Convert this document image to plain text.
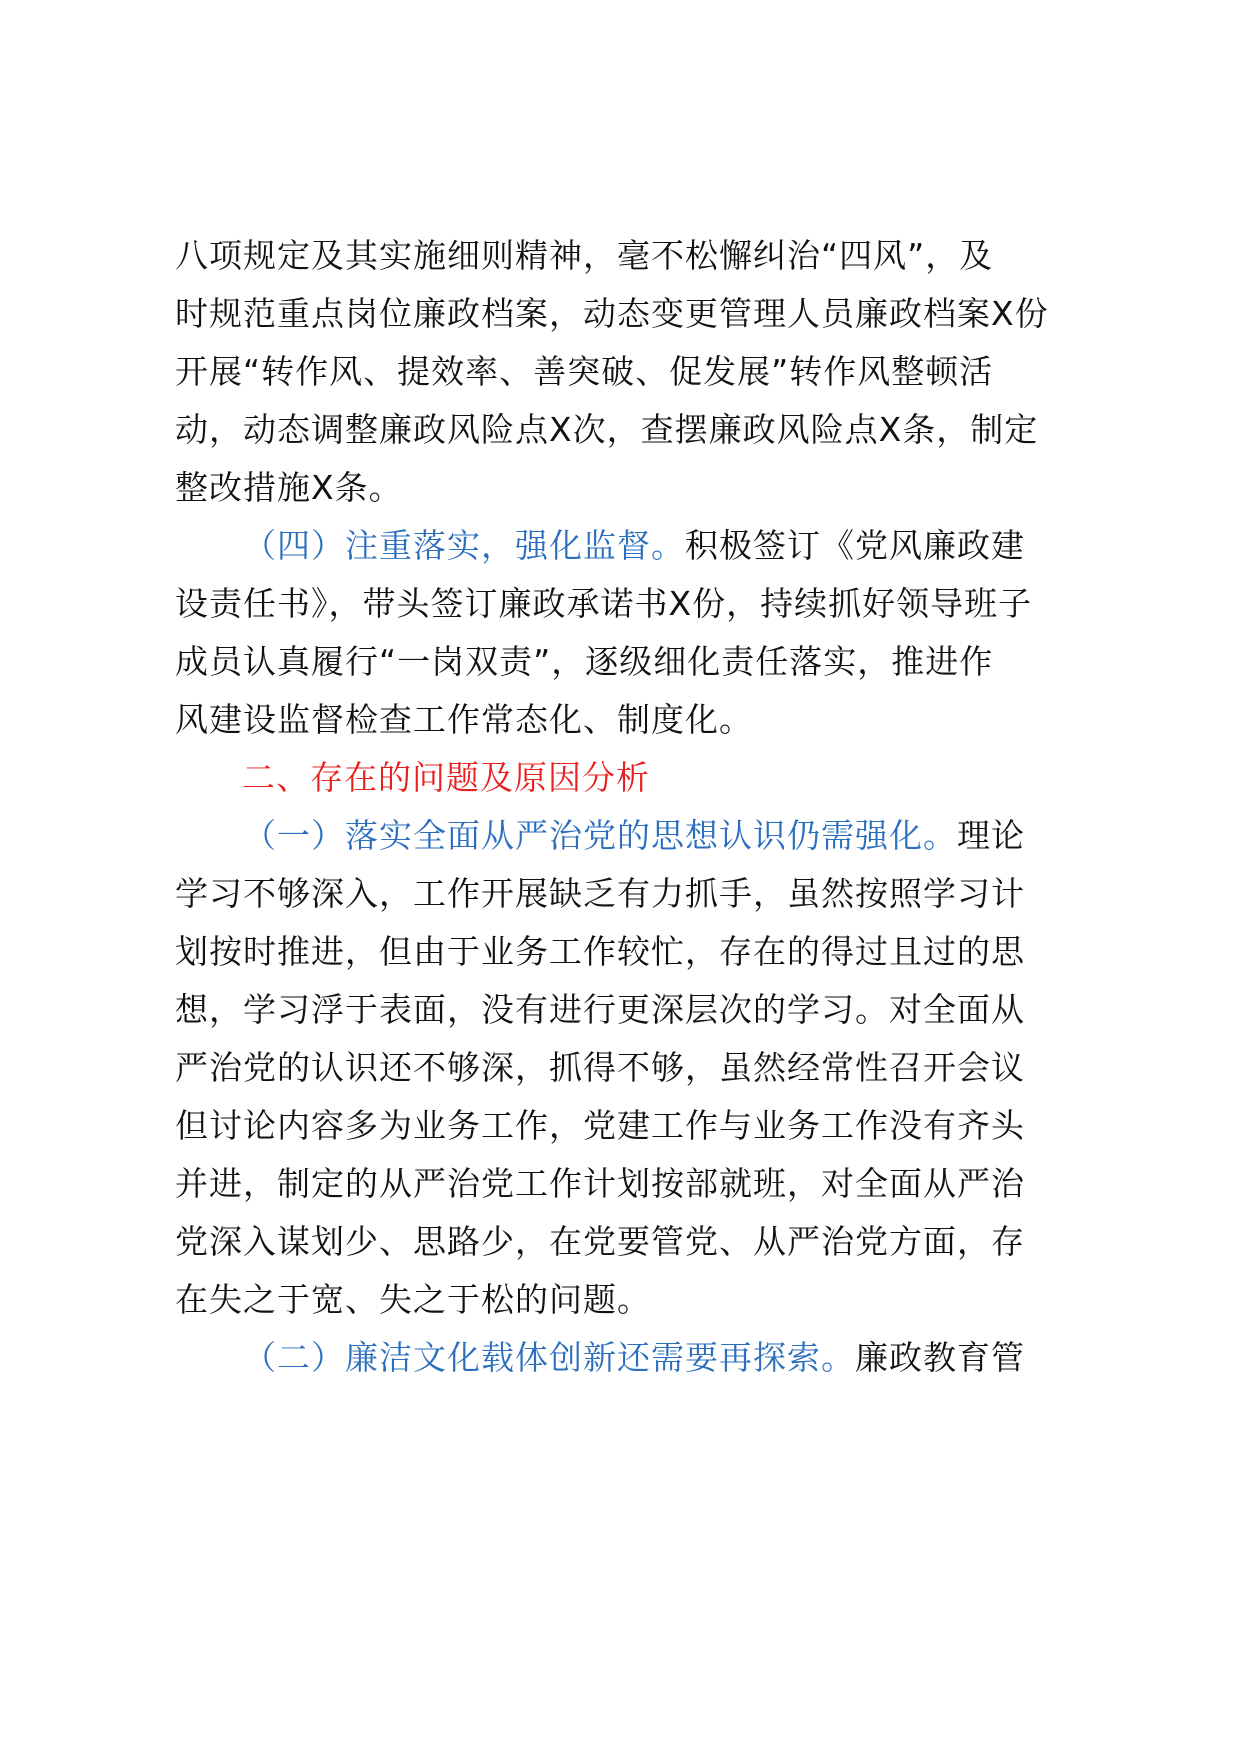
八项规定及其实施细则精神，毫不松懈纠治“四风”，及
时规范重点岗位廉政档案，动态变更管理人员廉政档案X份
开展“转作风、提效率、善突破、促发展”转作风整顿活
动，动态调整廉政风险点X次，查摆廉政风险点X条，制定
整改措施X条。
（四）注重落实，强化监督。积极签订《党风廉政建
设责任书》，带头签订廉政承诺书X份，持续抓好领导班子
成员认真履行“一岗双责”，逐级细化责任落实，推进作
风建设监督检查工作常态化、制度化。
二、存在的问题及原因分析
（一）落实全面从严治党的思想认识仍需强化。理论
学习不够深入，工作开展缺乏有力抓手，虽然按照学习计
划按时推进，但由于业务工作较忙，存在的得过且过的思
想，学习浮于表面，没有进行更深层次的学习。对全面从
严治党的认识还不够深，抓得不够，虽然经常性召开会议
但讨论内容多为业务工作，党建工作与业务工作没有齐头
并进，制定的从严治党工作计划按部就班，对全面从严治
党深入谋划少、思路少，在党要管党、从严治党方面，存
在失之于宽、失之于松的问题。
（二）廉洁文化载体创新还需要再探索。廉政教育管
